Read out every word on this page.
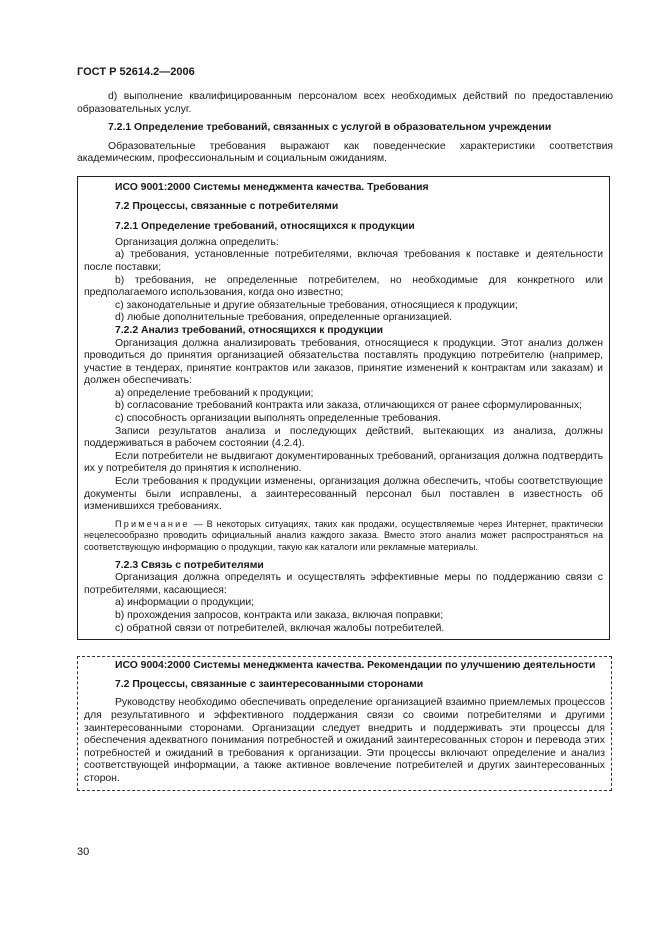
ГОСТ Р 52614.2—2006

d) выполнение квалифицированным персоналом всех необходимых действий по предоставлению образовательных услуг.

7.2.1 Определение требований, связанных с услугой в образовательном учреждении

Образовательные требования выражают как поведенческие характеристики соответствия академическим, профессиональным и социальным ожиданиям.

ИСО 9001:2000 Системы менеджмента качества. Требования

7.2 Процессы, связанные с потребителями

7.2.1 Определение требований, относящихся к продукции

Организация должна определить:

а) требования, установленные потребителями, включая требования к поставке и деятельности после поставки;

b) требования, не определенные потребителем, но необходимые для конкретного или предполагаемого использования, когда оно известно;

с) законодательные и другие обязательные требования, относящиеся к продукции;

d) любые дополнительные требования, определенные организацией.

7.2.2 Анализ требований, относящихся к продукции

Организация должна анализировать требования, относящиеся к продукции. Этот анализ должен проводиться до принятия организацией обязательства поставлять продукцию потребителю (например, участие в тендерах, принятие контрактов или заказов, принятие изменений к контрактам или заказам) и должен обеспечивать:

а) определение требований к продукции;

b) согласование требований контракта или заказа, отличающихся от ранее сформулированных;

с) способность организации выполнять определенные требования.

Записи результатов анализа и последующих действий, вытекающих из анализа, должны поддерживаться в рабочем состоянии (4.2.4).

Если потребители не выдвигают документированных требований, организация должна подтвердить их у потребителя до принятия к исполнению.

Если требования к продукции изменены, организация должна обеспечить, чтобы соответствующие документы были исправлены, а заинтересованный персонал был поставлен в известность об изменившихся требованиях.

Примечание — В некоторых ситуациях, таких как продажи, осуществляемые через Интернет, практически нецелесообразно проводить официальный анализ каждого заказа. Вместо этого анализ может распространяться на соответствующую информацию о продукции, такую как каталоги или рекламные материалы.

7.2.3 Связь с потребителями

Организация должна определять и осуществлять эффективные меры по поддержанию связи с потребителями, касающиеся:

а) информации о продукции;

b) прохождения запросов, контракта или заказа, включая поправки;

с) обратной связи от потребителей, включая жалобы потребителей.

ИСО 9004:2000 Системы менеджмента качества. Рекомендации по улучшению деятельности

7.2 Процессы, связанные с заинтересованными сторонами

Руководству необходимо обеспечивать определение организацией взаимно приемлемых процессов для результативного и эффективного поддержания связи со своими потребителями и другими заинтересованными сторонами. Организации следует внедрить и поддерживать эти процессы для обеспечения адекватного понимания потребностей и ожиданий заинтересованных сторон и перевода этих потребностей и ожиданий в требования к организации. Эти процессы включают определение и анализ соответствующей информации, а также активное вовлечение потребителей и других заинтересованных сторон.

30
